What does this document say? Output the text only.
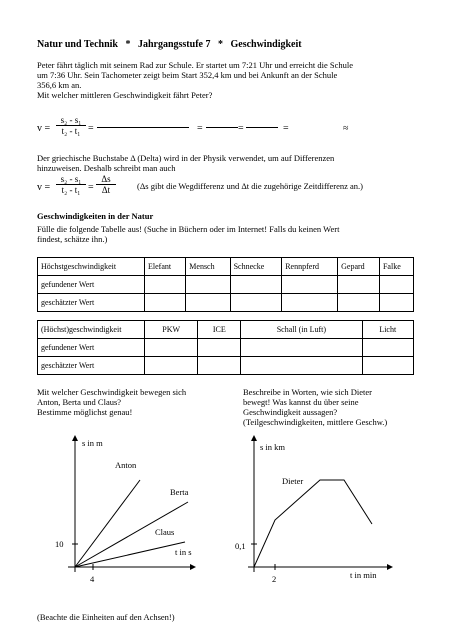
Natur und Technik   *   Jahrgangsstufe 7   *   Geschwindigkeit
Peter fährt täglich mit seinem Rad zur Schule. Er startet um 7:21 Uhr und erreicht die Schule
um 7:36 Uhr. Sein Tachometer zeigt beim Start 352,4 km und bei Ankunft an der Schule
356,6 km an.
Mit welcher mittleren Geschwindigkeit fährt Peter?
$v = \frac{\text{s₂ - s₁}}{\text{t₂ - t₁}}$ =	=	=	=	≈
Der griechische Buchstabe Δ (Delta) wird in der Physik verwendet, um auf Differenzen
hinzuweisen. Deshalb schreibt man auch
$v = \frac{\text{s₂ - s₁}}{\text{t₂ - t₁}} = \frac{\Delta s}{\Delta t} (\Delta s$ gibt die Wegdifferenz und Δt die zugehörige Zeitdifferenz an.)
Geschwindigkeiten in der Natur
Fülle die folgende Tabelle aus! (Suche in Büchern oder im Internet! Falls du keinen Wert
findest, schätze ihn.)
Höchstgeschwindigkeit	Elefant	Mensch	Schnecke	Rennpferd	Gepard	Falke
gefundener Wert						
geschätzter Wert						
(Höchst)geschwindigkeit	PKW	ICE	Schall (in Luft)	Licht
gefundener Wert				
geschätzter Wert				
Mit welcher Geschwindigkeit bewegen sich
Anton, Berta und Claus?
Bestimme möglichst genau!
Beschreibe in Worten, wie sich Dieter
bewegt! Was kannst du über seine
Geschwindigkeit aussagen?
(Teilgeschwindigkeiten, mittlere Geschw.)
s in m
Anton
Berta
Claus
t in s
10
4
s in km
Dieter
0,1
2	t in min
(Beachte die Einheiten auf den Achsen!)
